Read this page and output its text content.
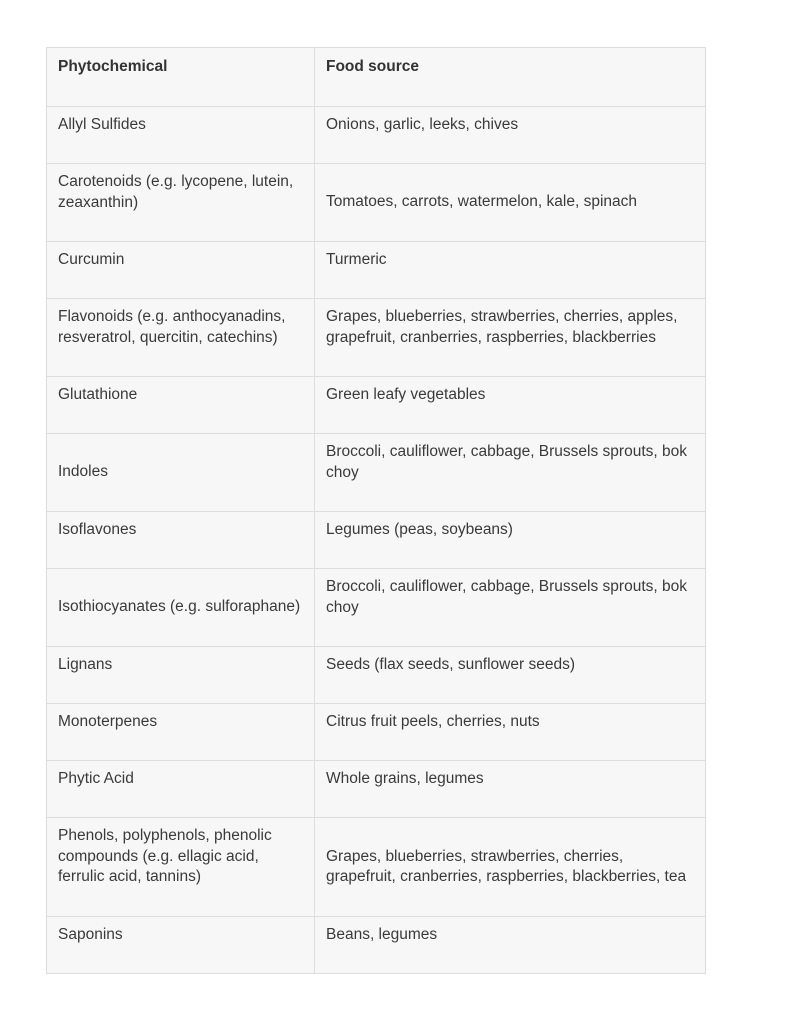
Phytochemical	Food source
Allyl Sulfides	Onions, garlic, leeks, chives
Carotenoids (e.g. lycopene, lutein, zeaxanthin)	Tomatoes, carrots, watermelon, kale, spinach
Curcumin	Turmeric
Flavonoids (e.g. anthocyanadins, resveratrol, quercitin, catechins)	Grapes, blueberries, strawberries, cherries, apples, grapefruit, cranberries, raspberries, blackberries
Glutathione	Green leafy vegetables
Indoles	Broccoli, cauliflower, cabbage, Brussels sprouts, bok choy
Isoflavones	Legumes (peas, soybeans)
Isothiocyanates (e.g. sulforaphane)	Broccoli, cauliflower, cabbage, Brussels sprouts, bok choy
Lignans	Seeds (flax seeds, sunflower seeds)
Monoterpenes	Citrus fruit peels, cherries, nuts
Phytic Acid	Whole grains, legumes
Phenols, polyphenols, phenolic compounds (e.g. ellagic acid, ferrulic acid, tannins)	Grapes, blueberries, strawberries, cherries, grapefruit, cranberries, raspberries, blackberries, tea
Saponins	Beans, legumes
